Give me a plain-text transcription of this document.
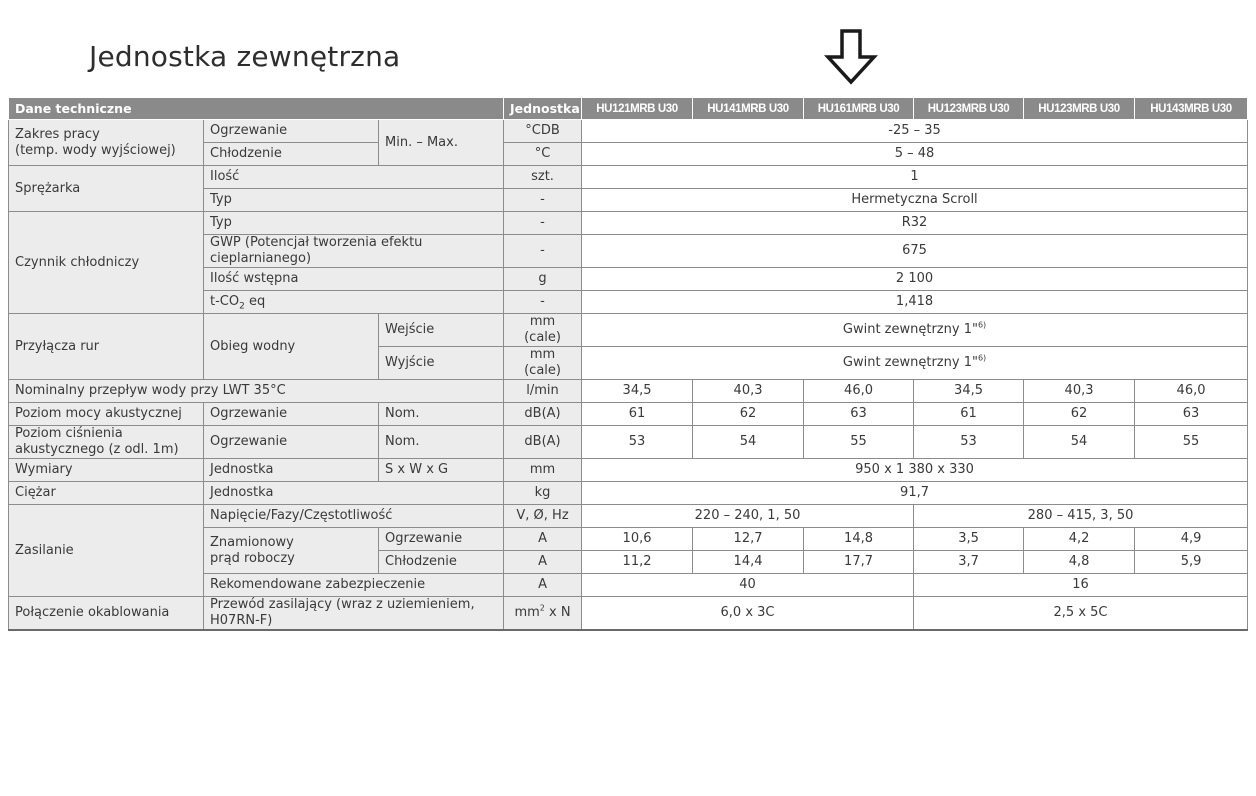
Jednostka zewnętrzna
Dane techniczne			Jednostka	HU121MRB U30	HU141MRB U30	HU161MRB U30	HU123MRB U30	HU123MRB U30	HU143MRB U30
Zakres pracy
(temp. wody wyjściowej)	Ogrzewanie	Min. – Max.	°CDB	-25 – 35					
	Chłodzenie		°C	5 – 48					
Sprężarka	Ilość		szt.	1					
	Typ		-	Hermetyczna Scroll					
Czynnik chłodniczy	Typ		-	R32					
	GWP (Potencjał tworzenia efektu
cieplarnianego)		-	675					
	Ilość wstępna		g	2 100					
	$t-CO_2$ eq		-	1,418					
Przyłącza rur	Obieg wodny	Wejście	mm (cale)	Gwint zewnętrzny 1"$^{6)}$
		Wyjście	mm (cale)	Gwint zewnętrzny 1"$^{6)}$
Nominalny przepływ wody przy LWT 35°C			l/min	34,5	40,3	46,0	34,5	40,3	46,0
Poziom mocy akustycznej	Ogrzewanie	Nom.	dB(A)	61	62	63	61	62	63
Poziom ciśnienia
akustycznego (z odl. 1m)	Ogrzewanie	Nom.	dB(A)	53	54	55	53	54	55
Wymiary	Jednostka	S x W x G	mm	950 x 1 380 x 330					
Ciężar	Jednostka		kg	91,7					
Zasilanie	Napięcie/Fazy/Częstotliwość		V, Ø, Hz	220 – 240, 1, 50			280 – 415, 3, 50		
	Znamionowy
prąd roboczy	Ogrzewanie	A	10,6	12,7	14,8	3,5	4,2	4,9
		Chłodzenie	A	11,2	14,4	17,7	3,7	4,8	5,9
	Rekomendowane zabezpieczenie		A	40			16		
Połączenie okablowania	Przewód zasilający (wraz z uziemieniem,
H07RN-F)		$mm^2$ x N	6,0 x 3C			2,5 x 5C		
